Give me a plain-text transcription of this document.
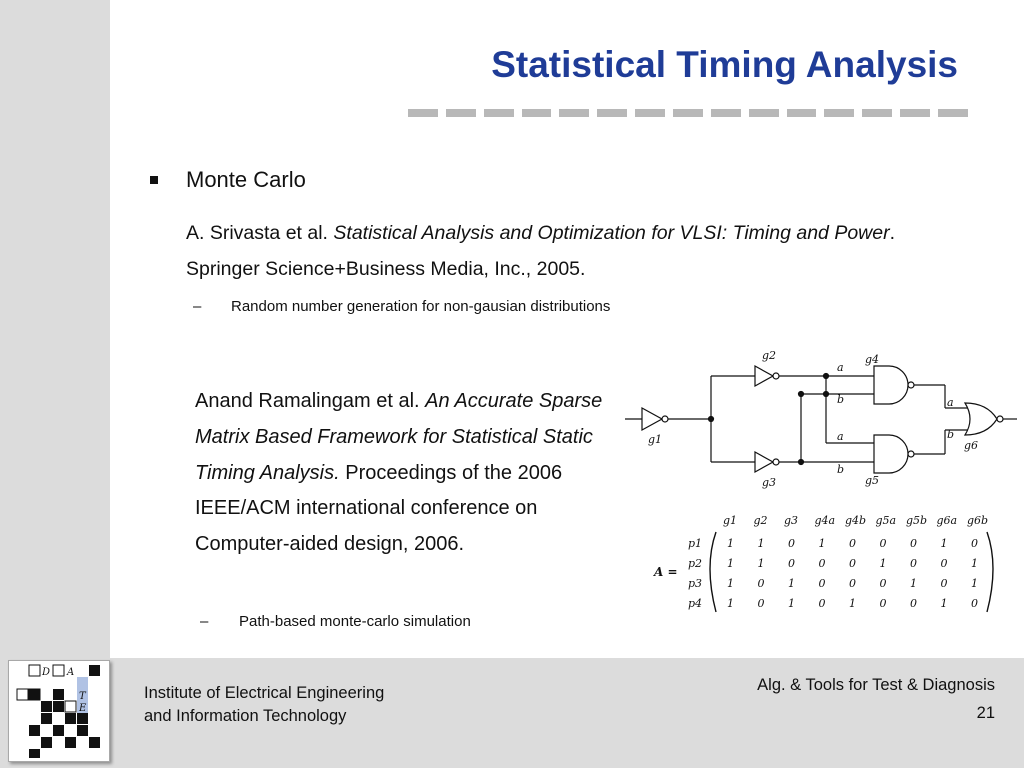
Statistical Timing Analysis
Monte Carlo
A. Srivasta et al. Statistical Analysis and Optimization for VLSI: Timing and Power. Springer Science+Business Media, Inc., 2005.
– Random number generation for non-gausian distributions
Anand Ramalingam et al. An Accurate Sparse Matrix Based Framework for Statistical Static Timing Analysis. Proceedings of the 2006 IEEE/ACM international conference on Computer-aided design, 2006.
– Path-based monte-carlo simulation
g1
g2
g3
g4
g5
g6
a
b
a
b
a
b
A =
g1 g2 g3 g4a g4b g5a g5b g6a g6b
p1 1 1 0 1 0 0 0 1 0
p2 1 1 0 0 0 1 0 0 1
p3 1 0 1 0 0 0 1 0 1
p4 1 0 1 0 1 0 0 1 0
D A
T
E
Institute of Electrical Engineering
and Information Technology
Alg. & Tools for Test & Diagnosis
21
